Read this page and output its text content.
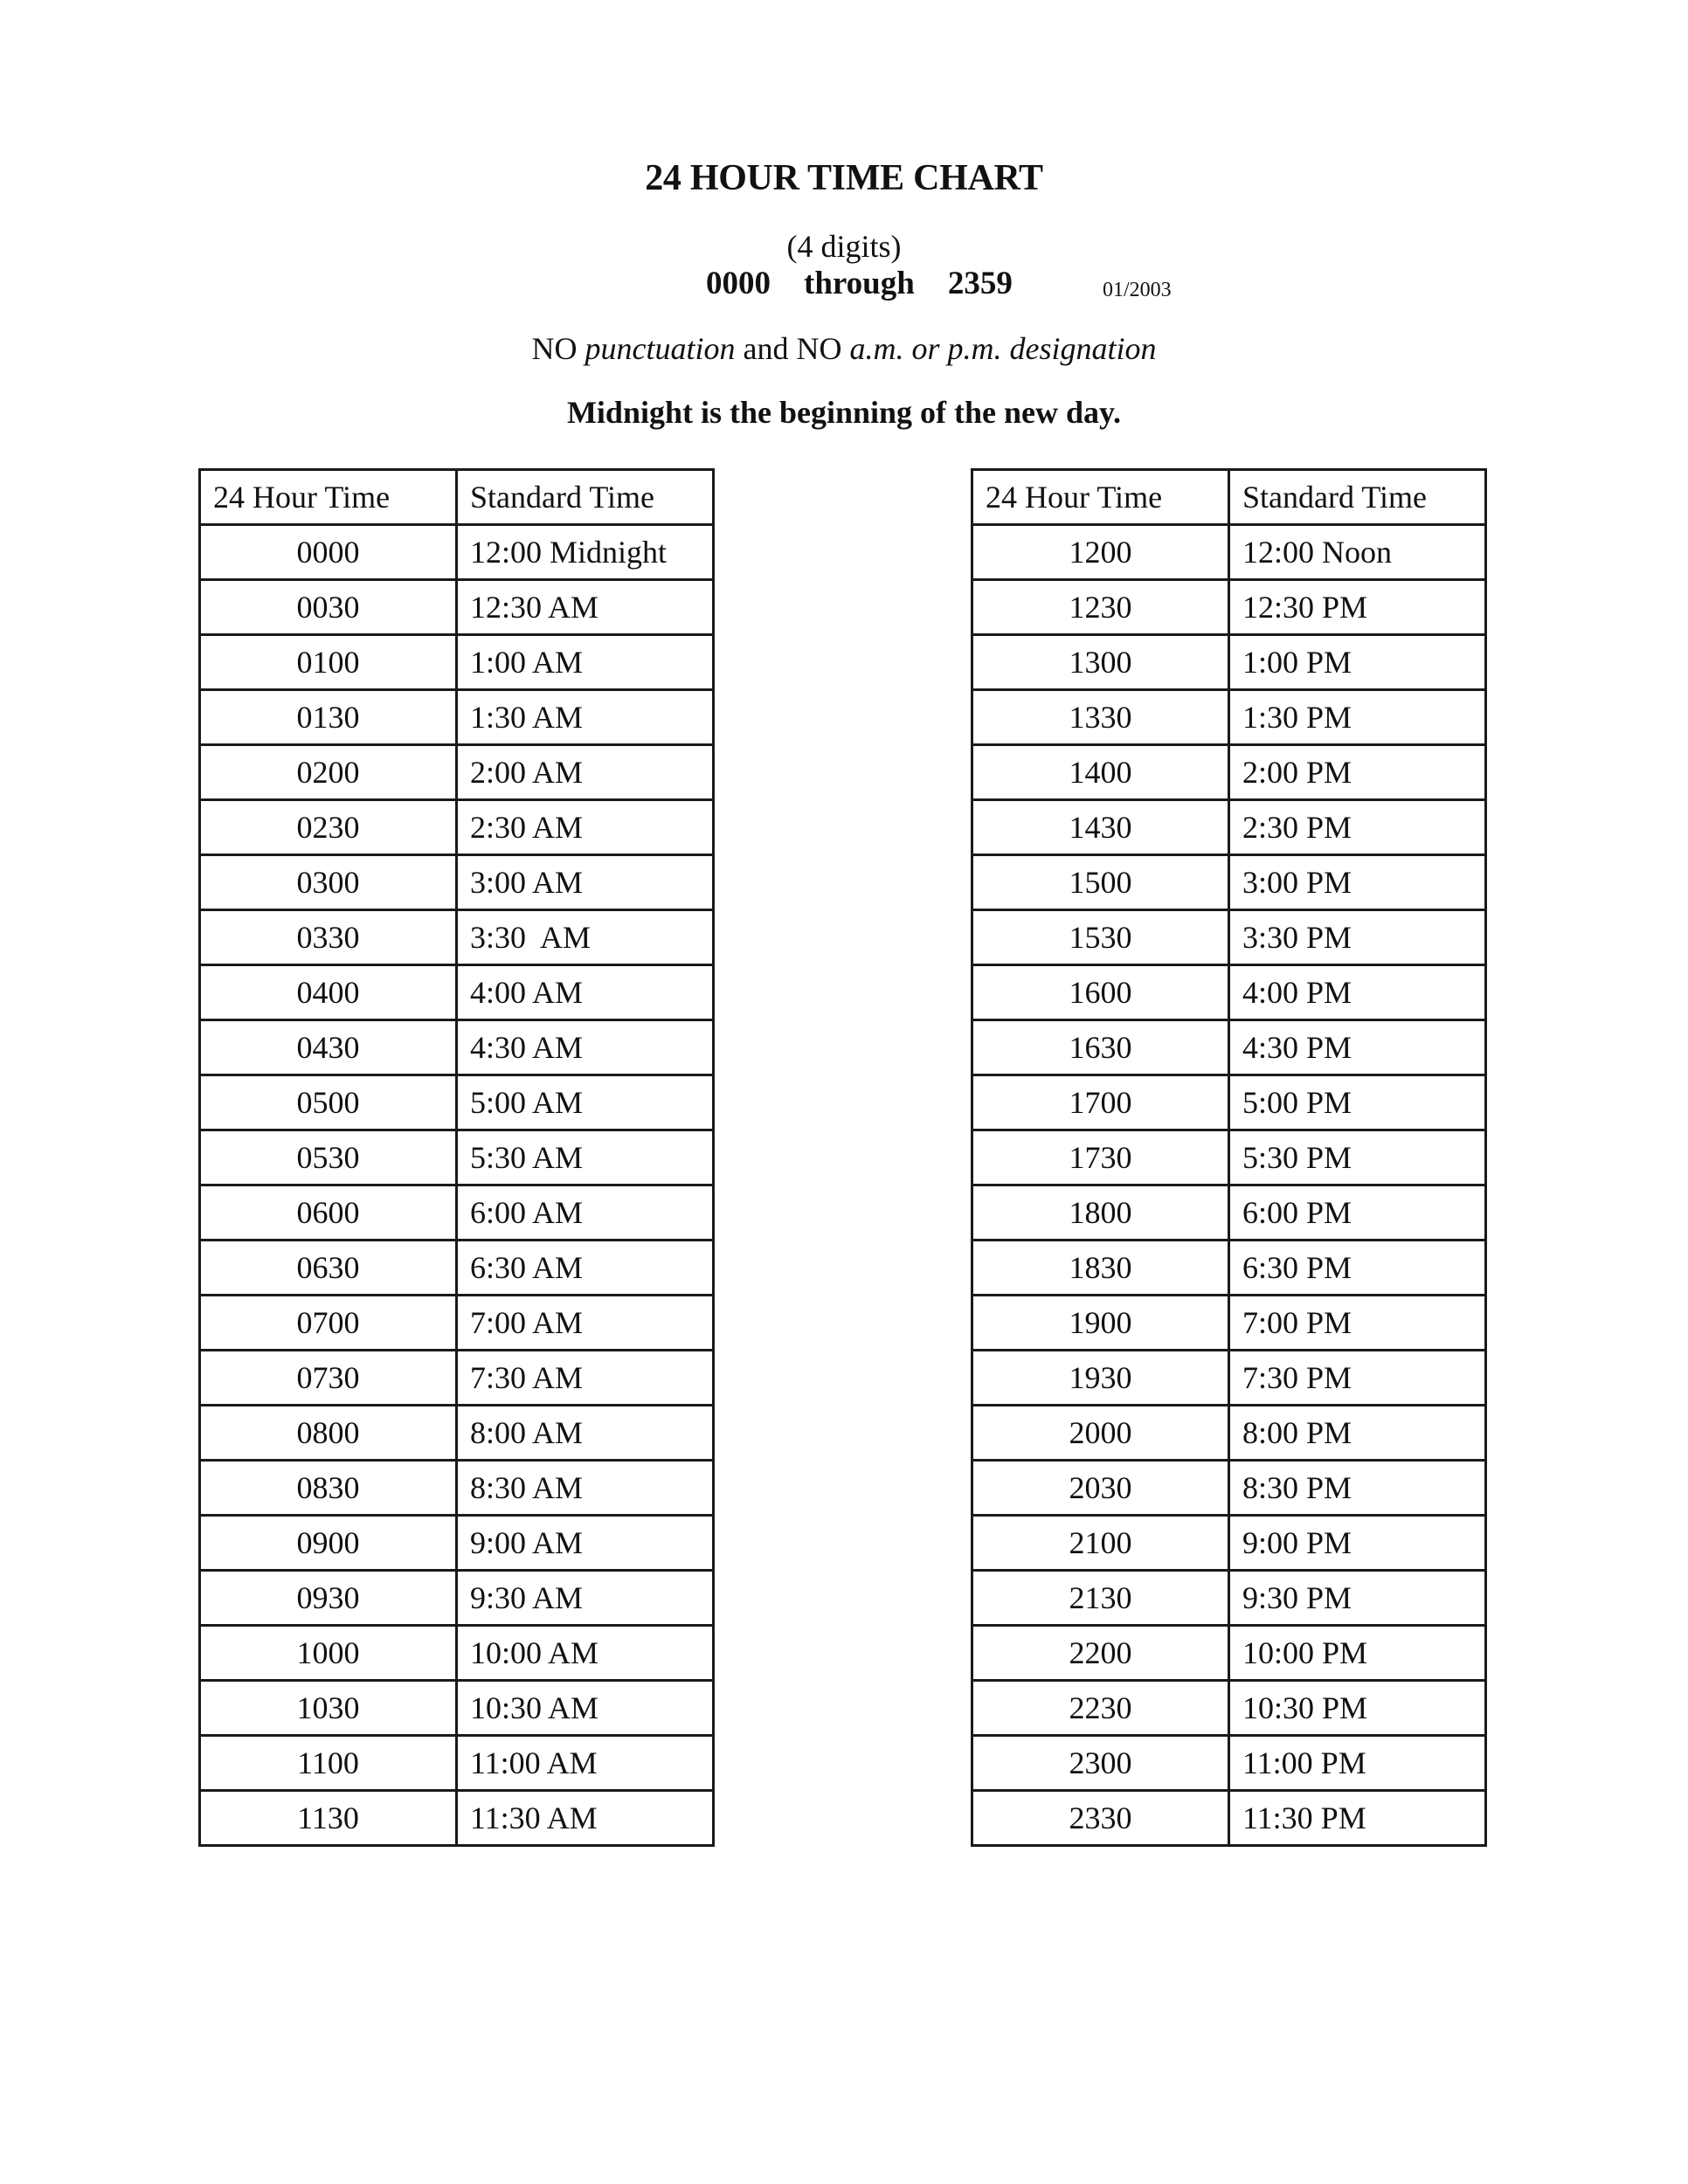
24 HOUR TIME CHART
(4 digits)
0000 through 2359	01/2003
NO punctuation and NO a.m. or p.m. designation
Midnight is the beginning of the new day.
24 Hour Time	Standard Time
0000	12:00 Midnight
0030	12:30 AM
0100	1:00 AM
0130	1:30 AM
0200	2:00 AM
0230	2:30 AM
0300	3:00 AM
0330	3:30  AM
0400	4:00 AM
0430	4:30 AM
0500	5:00 AM
0530	5:30 AM
0600	6:00 AM
0630	6:30 AM
0700	7:00 AM
0730	7:30 AM
0800	8:00 AM
0830	8:30 AM
0900	9:00 AM
0930	9:30 AM
1000	10:00 AM
1030	10:30 AM
1100	11:00 AM
1130	11:30 AM
24 Hour Time	Standard Time
1200	12:00 Noon
1230	12:30 PM
1300	1:00 PM
1330	1:30 PM
1400	2:00 PM
1430	2:30 PM
1500	3:00 PM
1530	3:30 PM
1600	4:00 PM
1630	4:30 PM
1700	5:00 PM
1730	5:30 PM
1800	6:00 PM
1830	6:30 PM
1900	7:00 PM
1930	7:30 PM
2000	8:00 PM
2030	8:30 PM
2100	9:00 PM
2130	9:30 PM
2200	10:00 PM
2230	10:30 PM
2300	11:00 PM
2330	11:30 PM
